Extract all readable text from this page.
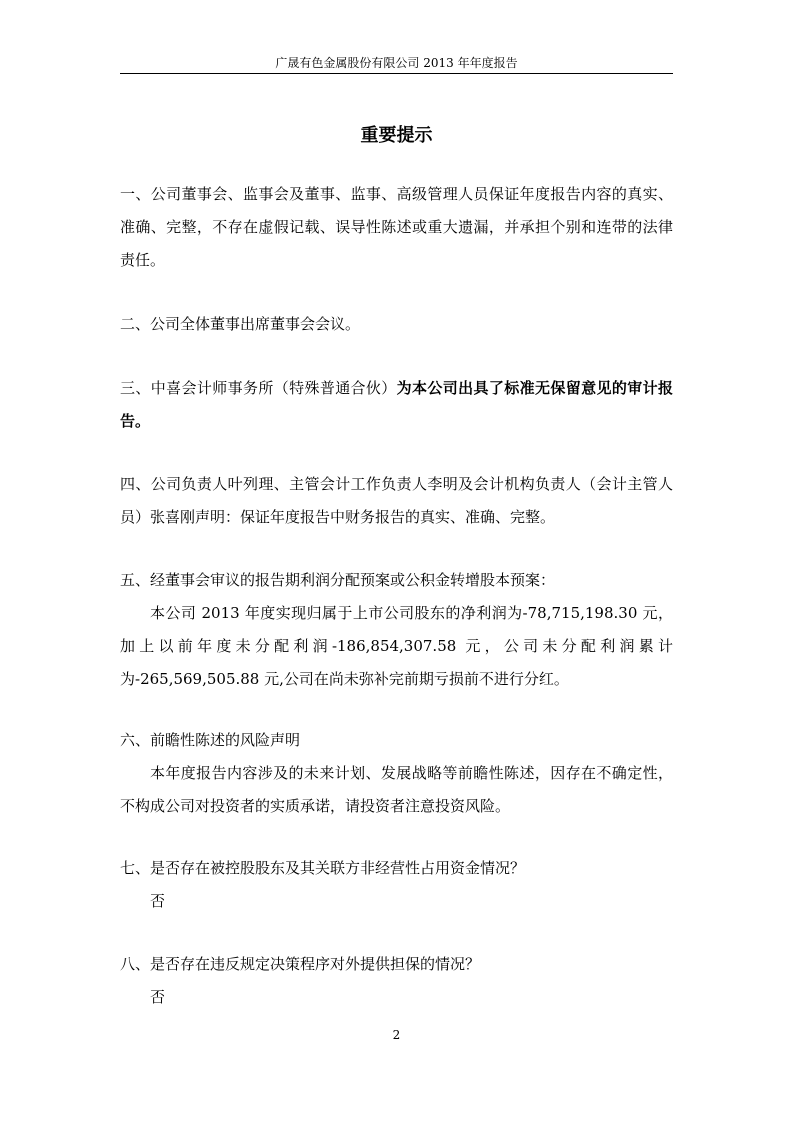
广晟有色金属股份有限公司 2013 年年度报告
重要提示

一、公司董事会、监事会及董事、监事、高级管理人员保证年度报告内容的真实、准确、完整，不存在虚假记载、误导性陈述或重大遗漏，并承担个别和连带的法律责任。

二、公司全体董事出席董事会会议。

三、中喜会计师事务所（特殊普通合伙）为本公司出具了标准无保留意见的审计报告。

四、公司负责人叶列理、主管会计工作负责人李明及会计机构负责人（会计主管人员）张喜刚声明：保证年度报告中财务报告的真实、准确、完整。

五、经董事会审议的报告期利润分配预案或公积金转增股本预案：

本公司 2013 年度实现归属于上市公司股东的净利润为-78,715,198.30 元，加上以前年度未分配利润-186,854,307.58 元，公司未分配利润累计为-265,569,505.88 元,公司在尚未弥补完前期亏损前不进行分红。

六、前瞻性陈述的风险声明

本年度报告内容涉及的未来计划、发展战略等前瞻性陈述，因存在不确定性，不构成公司对投资者的实质承诺，请投资者注意投资风险。

七、是否存在被控股股东及其关联方非经营性占用资金情况？

否

八、是否存在违反规定决策程序对外提供担保的情况？

否

2
